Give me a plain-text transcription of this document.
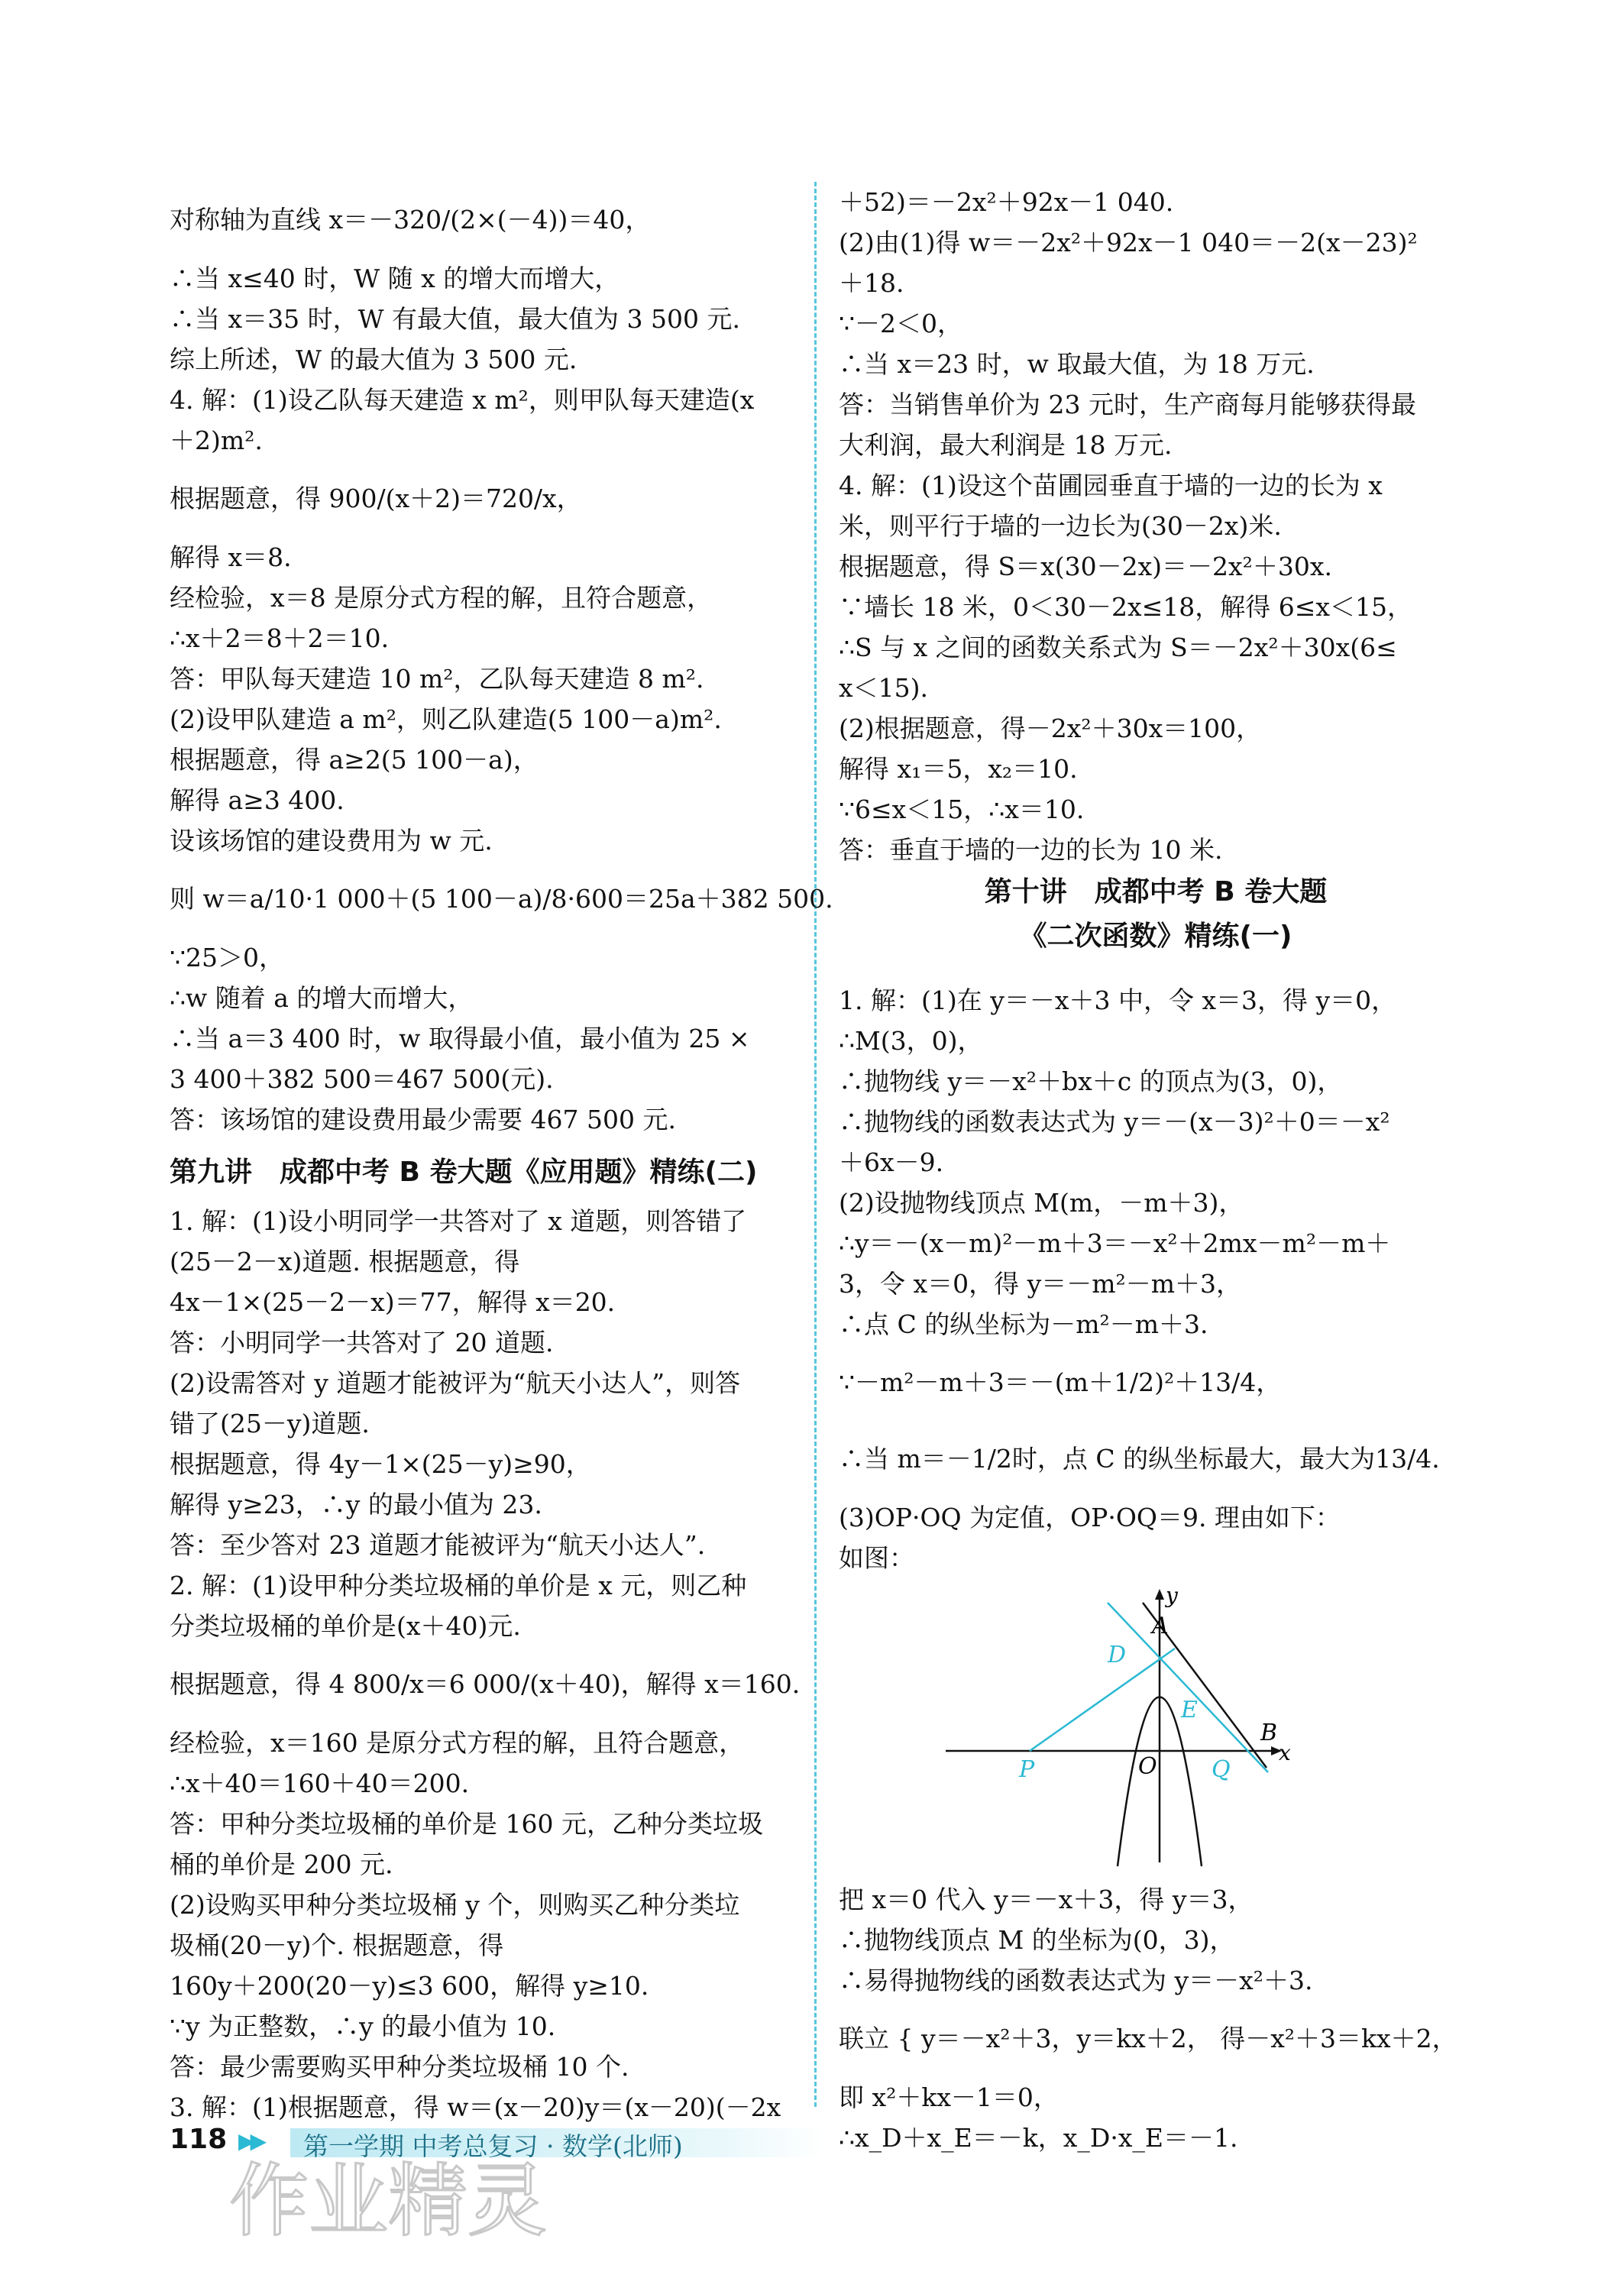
对称轴为直线 x＝－320/(2×(－4))＝40，
∴当 x≤40 时，W 随 x 的增大而增大，
∴当 x＝35 时，W 有最大值，最大值为 3 500 元.
综上所述，W 的最大值为 3 500 元.
4. 解：(1)设乙队每天建造 x m²，则甲队每天建造(x
＋2)m².
根据题意，得 900/(x＋2)＝720/x，
解得 x＝8.
经检验，x＝8 是原分式方程的解，且符合题意，
∴x＋2＝8＋2＝10.
答：甲队每天建造 10 m²，乙队每天建造 8 m².
(2)设甲队建造 a m²，则乙队建造(5 100－a)m².
根据题意，得 a≥2(5 100－a)，
解得 a≥3 400.
设该场馆的建设费用为 w 元.
则 w＝a/10·1 000＋(5 100－a)/8·600＝25a＋382 500.
∵25＞0，
∴w 随着 a 的增大而增大，
∴当 a＝3 400 时，w 取得最小值，最小值为 25 ×
3 400＋382 500＝467 500(元).
答：该场馆的建设费用最少需要 467 500 元.
第九讲　成都中考 B 卷大题《应用题》精练(二)
1. 解：(1)设小明同学一共答对了 x 道题，则答错了
(25－2－x)道题. 根据题意，得
4x－1×(25－2－x)＝77，解得 x＝20.
答：小明同学一共答对了 20 道题.
(2)设需答对 y 道题才能被评为“航天小达人”，则答
错了(25－y)道题.
根据题意，得 4y－1×(25－y)≥90，
解得 y≥23，∴y 的最小值为 23.
答：至少答对 23 道题才能被评为“航天小达人”.
2. 解：(1)设甲种分类垃圾桶的单价是 x 元，则乙种
分类垃圾桶的单价是(x＋40)元.
根据题意，得 4 800/x＝6 000/(x＋40)，解得 x＝160.
经检验，x＝160 是原分式方程的解，且符合题意，
∴x＋40＝160＋40＝200.
答：甲种分类垃圾桶的单价是 160 元，乙种分类垃圾
桶的单价是 200 元.
(2)设购买甲种分类垃圾桶 y 个，则购买乙种分类垃
圾桶(20－y)个. 根据题意，得
160y＋200(20－y)≤3 600，解得 y≥10.
∵y 为正整数，∴y 的最小值为 10.
答：最少需要购买甲种分类垃圾桶 10 个.
3. 解：(1)根据题意，得 w＝(x－20)y＝(x－20)(－2x
＋52)＝－2x²＋92x－1 040.
(2)由(1)得 w＝－2x²＋92x－1 040＝－2(x－23)²
＋18.
∵－2＜0，
∴当 x＝23 时，w 取最大值，为 18 万元.
答：当销售单价为 23 元时，生产商每月能够获得最
大利润，最大利润是 18 万元.
4. 解：(1)设这个苗圃园垂直于墙的一边的长为 x
米，则平行于墙的一边长为(30－2x)米.
根据题意，得 S＝x(30－2x)＝－2x²＋30x.
∵墙长 18 米，0＜30－2x≤18，解得 6≤x＜15，
∴S 与 x 之间的函数关系式为 S＝－2x²＋30x(6≤
x＜15).
(2)根据题意，得－2x²＋30x＝100，
解得 x₁＝5，x₂＝10.
∵6≤x＜15，∴x＝10.
答：垂直于墙的一边的长为 10 米.
第十讲　成都中考 B 卷大题
《二次函数》精练(一)
1. 解：(1)在 y＝－x＋3 中，令 x＝3，得 y＝0，
∴M(3，0)，
∴抛物线 y＝－x²＋bx＋c 的顶点为(3，0)，
∴抛物线的函数表达式为 y＝－(x－3)²＋0＝－x²
＋6x－9.
(2)设抛物线顶点 M(m，－m＋3)，
∴y＝－(x－m)²－m＋3＝－x²＋2mx－m²－m＋
3，令 x＝0，得 y＝－m²－m＋3，
∴点 C 的纵坐标为－m²－m＋3.
∵－m²－m＋3＝－(m＋1/2)²＋13/4，
∴当 m＝－1/2时，点 C 的纵坐标最大，最大为13/4.
(3)OP·OQ 为定值，OP·OQ＝9. 理由如下：
如图：
y
A
D
E
B
x
O
P	Q
把 x＝0 代入 y＝－x＋3，得 y＝3，
∴抛物线顶点 M 的坐标为(0，3)，
∴易得抛物线的函数表达式为 y＝－x²＋3.
联立 { y＝－x²＋3，y＝kx＋2， 得－x²＋3＝kx＋2，
即 x²＋kx－1＝0，
∴x_D＋x_E＝－k，x_D·x_E＝－1.
118 ▶▶ 第一学期 中考总复习 · 数学(北师)
作业精灵
